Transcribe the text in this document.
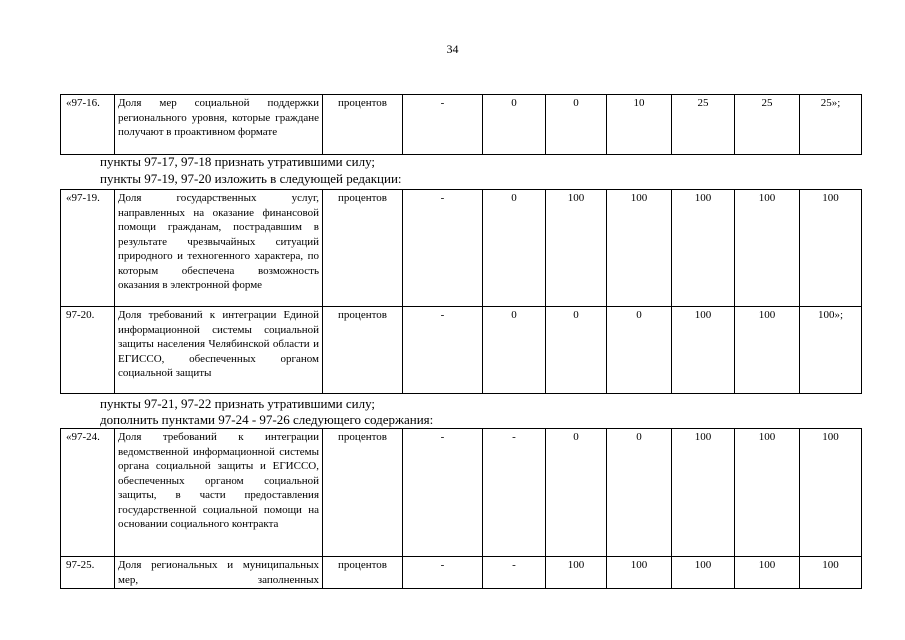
34
«97-16.	Доля мер социальной поддержки регионального уровня, которые граждане получают в проактивном формате	процентов	-	0	0	10	25	25	25»;
пункты 97-17, 97-18 признать утратившими силу;
пункты 97-19, 97-20 изложить в следующей редакции:
«97-19.	Доля государственных услуг, направленных на оказание финансовой помощи гражданам, пострадавшим в результате чрезвычайных ситуаций природного и техногенного характера, по которым обеспечена возможность оказания в электронной форме	процентов	-	0	100	100	100	100	100
97-20.	Доля требований к интеграции Единой информационной системы социальной защиты населения Челябинской области и ЕГИССО, обеспеченных органом социальной защиты	процентов	-	0	0	0	100	100	100»;
пункты 97-21, 97-22 признать утратившими силу;
дополнить пунктами 97-24 - 97-26 следующего содержания:
«97-24.	Доля требований к интеграции ведомственной информационной системы органа социальной защиты и ЕГИССО, обеспеченных органом социальной защиты, в части предоставления государственной социальной помощи на основании социального контракта	процентов	-	-	0	0	100	100	100
97-25.	Доля региональных и муниципальных мер, заполненных	процентов	-	-	100	100	100	100	100
